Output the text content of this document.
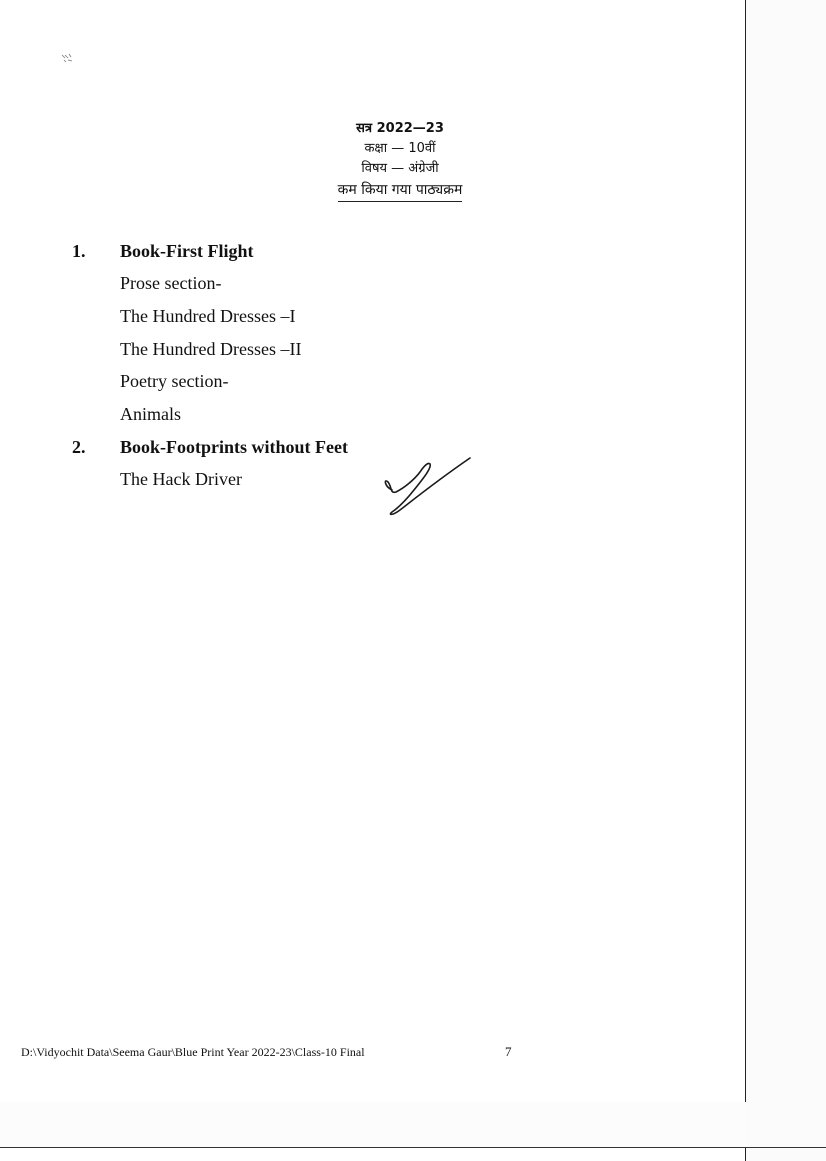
सत्र 2022—23
कक्षा — 10वीं
विषय — अंग्रेजी
कम किया गया पाठ्यक्रम
1. Book-First Flight
Prose section-
The Hundred Dresses –I
The Hundred Dresses –II
Poetry section-
Animals
2. Book-Footprints without Feet
The Hack Driver
D:\Vidyochit Data\Seema Gaur\Blue Print Year 2022-23\Class-10 Final	7
